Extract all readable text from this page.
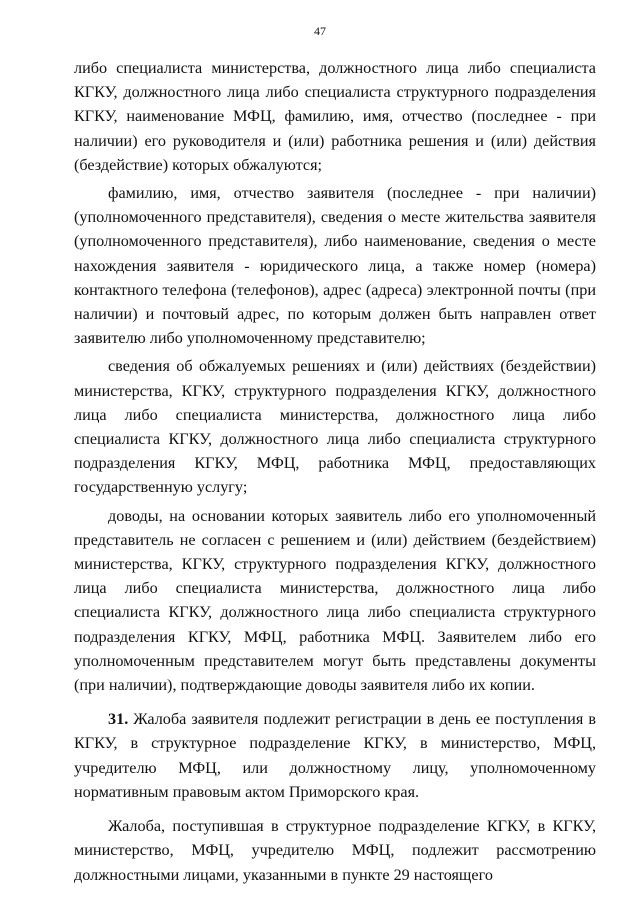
47

либо специалиста министерства, должностного лица либо специалиста КГКУ, должностного лица либо специалиста структурного подразделения КГКУ, наименование МФЦ, фамилию, имя, отчество (последнее - при наличии) его руководителя и (или) работника решения и (или) действия (бездействие) которых обжалуются;

фамилию, имя, отчество заявителя (последнее - при наличии) (уполномоченного представителя), сведения о месте жительства заявителя (уполномоченного представителя), либо наименование, сведения о месте нахождения заявителя - юридического лица, а также номер (номера) контактного телефона (телефонов), адрес (адреса) электронной почты (при наличии) и почтовый адрес, по которым должен быть направлен ответ заявителю либо уполномоченному представителю;

сведения об обжалуемых решениях и (или) действиях (бездействии) министерства, КГКУ, структурного подразделения КГКУ, должностного лица либо специалиста министерства, должностного лица либо специалиста КГКУ, должностного лица либо специалиста структурного подразделения КГКУ, МФЦ, работника МФЦ, предоставляющих государственную услугу;

доводы, на основании которых заявитель либо его уполномоченный представитель не согласен с решением и (или) действием (бездействием) министерства, КГКУ, структурного подразделения КГКУ, должностного лица либо специалиста министерства, должностного лица либо специалиста КГКУ, должностного лица либо специалиста структурного подразделения КГКУ, МФЦ, работника МФЦ. Заявителем либо его уполномоченным представителем могут быть представлены документы (при наличии), подтверждающие доводы заявителя либо их копии.

31. Жалоба заявителя подлежит регистрации в день ее поступления в КГКУ, в структурное подразделение КГКУ, в министерство, МФЦ, учредителю МФЦ, или должностному лицу, уполномоченному нормативным правовым актом Приморского края.

Жалоба, поступившая в структурное подразделение КГКУ, в КГКУ, министерство, МФЦ, учредителю МФЦ, подлежит рассмотрению должностными лицами, указанными в пункте 29 настоящего
